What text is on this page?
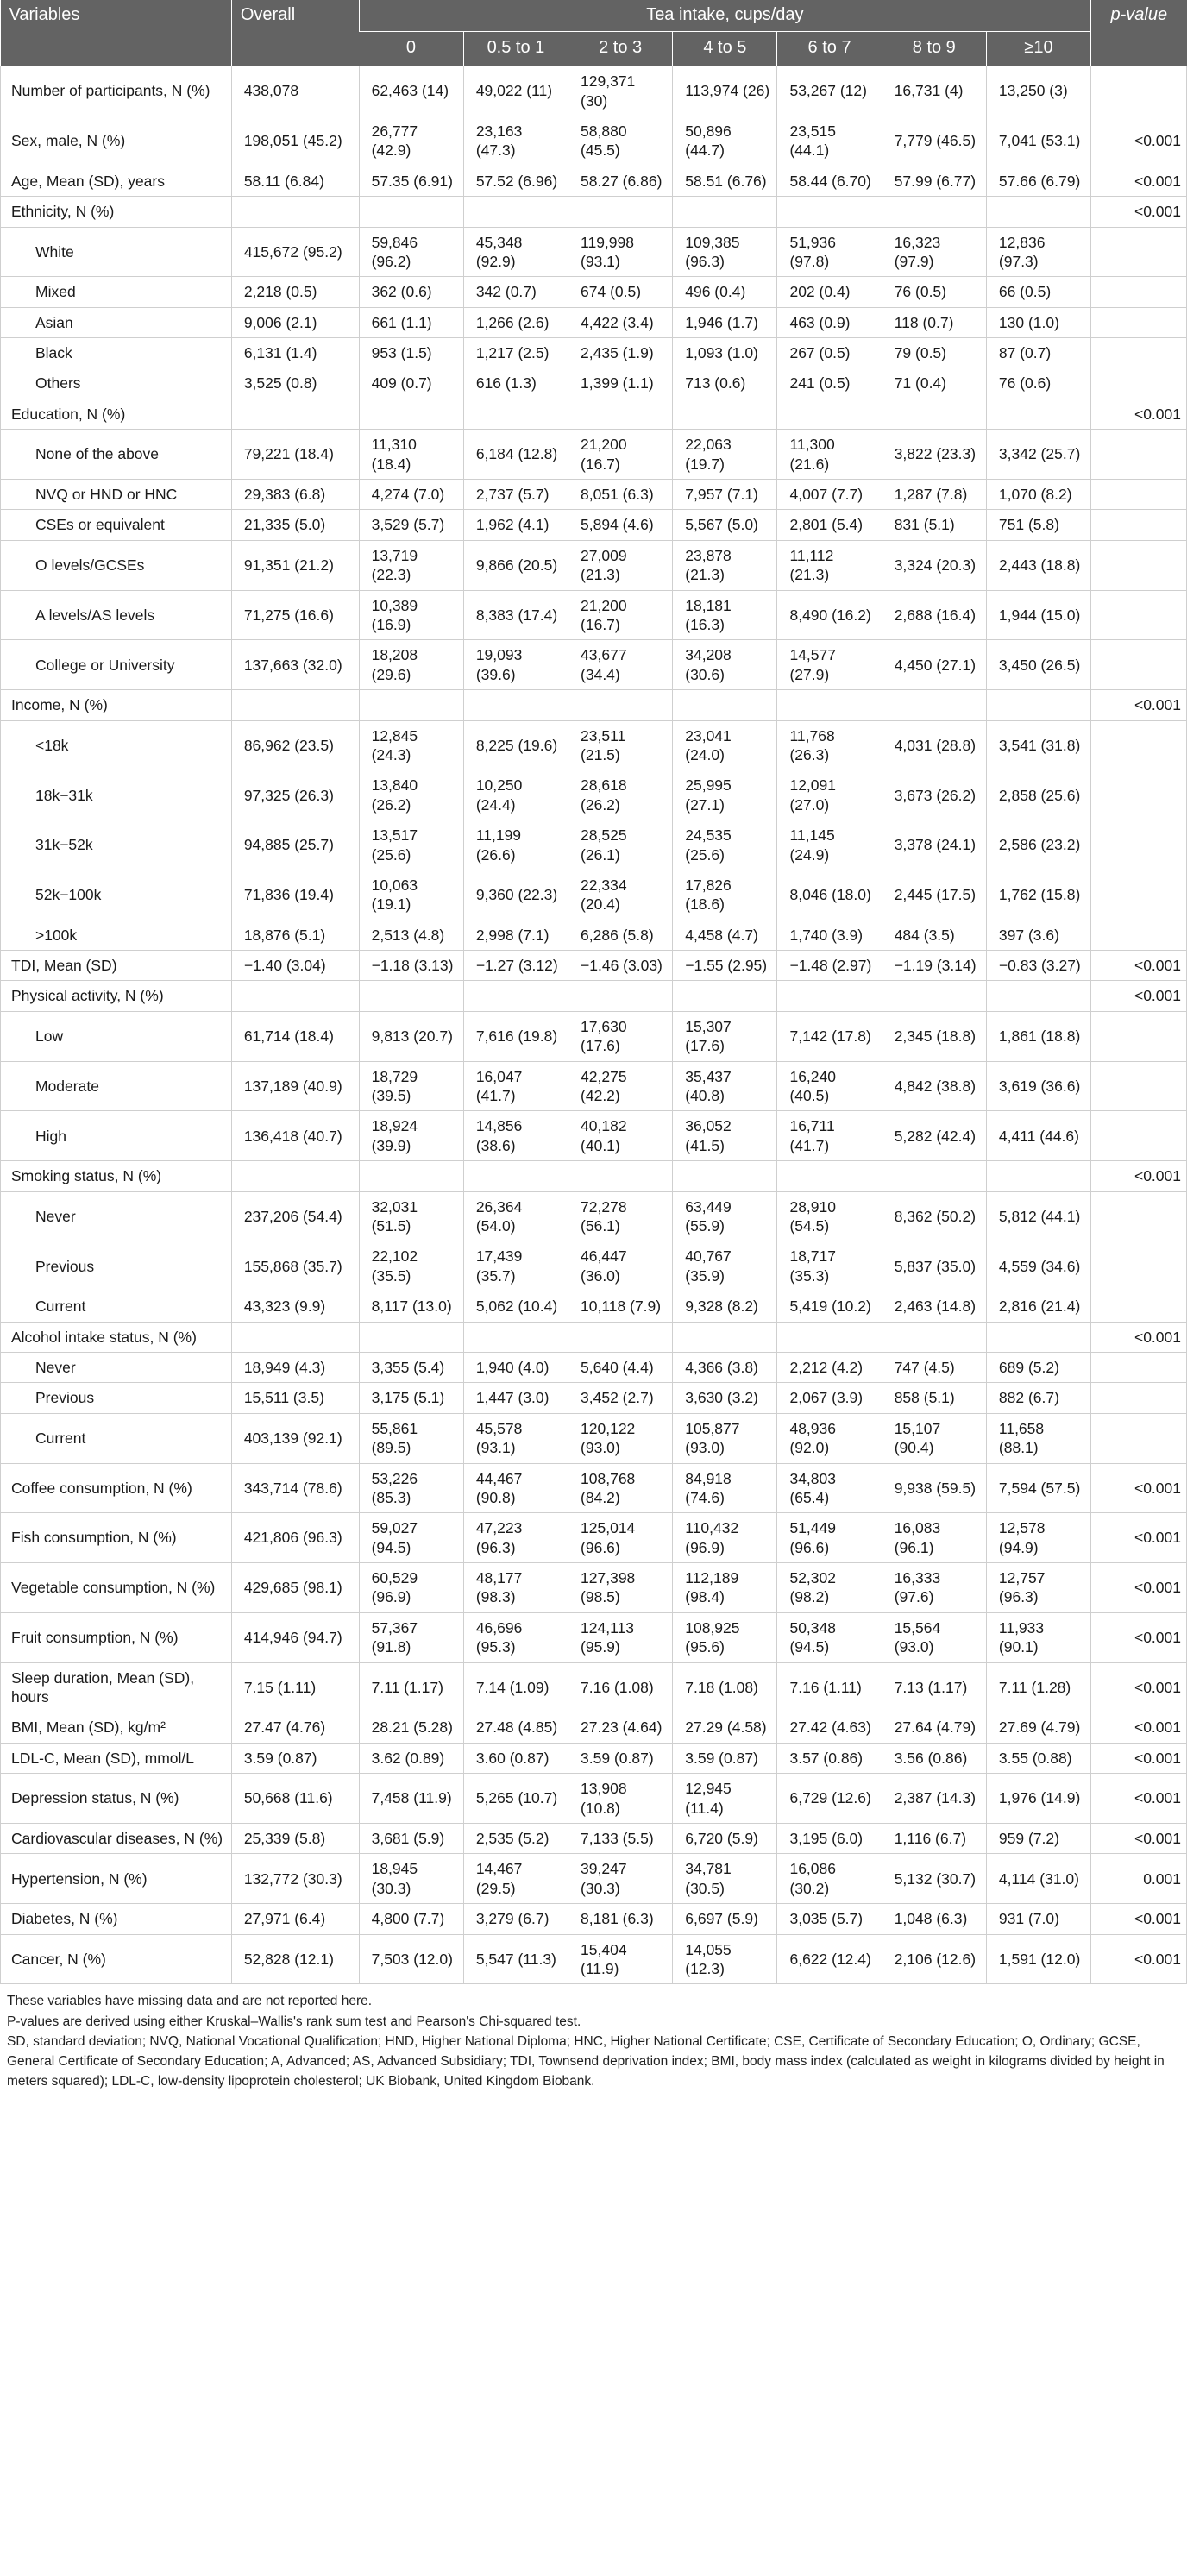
Variables	Overall	Tea intake, cups/day							p-value
		0	0.5 to 1	2 to 3	4 to 5	6 to 7	8 to 9	≥10	
Number of participants, N (%)	438,078	62,463 (14)	49,022 (11)	129,371 (30)	113,974 (26)	53,267 (12)	16,731 (4)	13,250 (3)	
Sex, male, N (%)	198,051 (45.2)	26,777 (42.9)	23,163 (47.3)	58,880 (45.5)	50,896 (44.7)	23,515 (44.1)	7,779 (46.5)	7,041 (53.1)	<0.001
Age, Mean (SD), years	58.11 (6.84)	57.35 (6.91)	57.52 (6.96)	58.27 (6.86)	58.51 (6.76)	58.44 (6.70)	57.99 (6.77)	57.66 (6.79)	<0.001
Ethnicity, N (%)									<0.001
White	415,672 (95.2)	59,846 (96.2)	45,348 (92.9)	119,998 (93.1)	109,385 (96.3)	51,936 (97.8)	16,323 (97.9)	12,836 (97.3)	
Mixed	2,218 (0.5)	362 (0.6)	342 (0.7)	674 (0.5)	496 (0.4)	202 (0.4)	76 (0.5)	66 (0.5)	
Asian	9,006 (2.1)	661 (1.1)	1,266 (2.6)	4,422 (3.4)	1,946 (1.7)	463 (0.9)	118 (0.7)	130 (1.0)	
Black	6,131 (1.4)	953 (1.5)	1,217 (2.5)	2,435 (1.9)	1,093 (1.0)	267 (0.5)	79 (0.5)	87 (0.7)	
Others	3,525 (0.8)	409 (0.7)	616 (1.3)	1,399 (1.1)	713 (0.6)	241 (0.5)	71 (0.4)	76 (0.6)	
Education, N (%)									<0.001
None of the above	79,221 (18.4)	11,310 (18.4)	6,184 (12.8)	21,200 (16.7)	22,063 (19.7)	11,300 (21.6)	3,822 (23.3)	3,342 (25.7)	
NVQ or HND or HNC	29,383 (6.8)	4,274 (7.0)	2,737 (5.7)	8,051 (6.3)	7,957 (7.1)	4,007 (7.7)	1,287 (7.8)	1,070 (8.2)	
CSEs or equivalent	21,335 (5.0)	3,529 (5.7)	1,962 (4.1)	5,894 (4.6)	5,567 (5.0)	2,801 (5.4)	831 (5.1)	751 (5.8)	
O levels/GCSEs	91,351 (21.2)	13,719 (22.3)	9,866 (20.5)	27,009 (21.3)	23,878 (21.3)	11,112 (21.3)	3,324 (20.3)	2,443 (18.8)	
A levels/AS levels	71,275 (16.6)	10,389 (16.9)	8,383 (17.4)	21,200 (16.7)	18,181 (16.3)	8,490 (16.2)	2,688 (16.4)	1,944 (15.0)	
College or University	137,663 (32.0)	18,208 (29.6)	19,093 (39.6)	43,677 (34.4)	34,208 (30.6)	14,577 (27.9)	4,450 (27.1)	3,450 (26.5)	
Income, N (%)									<0.001
<18k	86,962 (23.5)	12,845 (24.3)	8,225 (19.6)	23,511 (21.5)	23,041 (24.0)	11,768 (26.3)	4,031 (28.8)	3,541 (31.8)	
18k−31k	97,325 (26.3)	13,840 (26.2)	10,250 (24.4)	28,618 (26.2)	25,995 (27.1)	12,091 (27.0)	3,673 (26.2)	2,858 (25.6)	
31k−52k	94,885 (25.7)	13,517 (25.6)	11,199 (26.6)	28,525 (26.1)	24,535 (25.6)	11,145 (24.9)	3,378 (24.1)	2,586 (23.2)	
52k−100k	71,836 (19.4)	10,063 (19.1)	9,360 (22.3)	22,334 (20.4)	17,826 (18.6)	8,046 (18.0)	2,445 (17.5)	1,762 (15.8)	
>100k	18,876 (5.1)	2,513 (4.8)	2,998 (7.1)	6,286 (5.8)	4,458 (4.7)	1,740 (3.9)	484 (3.5)	397 (3.6)	
TDI, Mean (SD)	−1.40 (3.04)	−1.18 (3.13)	−1.27 (3.12)	−1.46 (3.03)	−1.55 (2.95)	−1.48 (2.97)	−1.19 (3.14)	−0.83 (3.27)	<0.001
Physical activity, N (%)									<0.001
Low	61,714 (18.4)	9,813 (20.7)	7,616 (19.8)	17,630 (17.6)	15,307 (17.6)	7,142 (17.8)	2,345 (18.8)	1,861 (18.8)	
Moderate	137,189 (40.9)	18,729 (39.5)	16,047 (41.7)	42,275 (42.2)	35,437 (40.8)	16,240 (40.5)	4,842 (38.8)	3,619 (36.6)	
High	136,418 (40.7)	18,924 (39.9)	14,856 (38.6)	40,182 (40.1)	36,052 (41.5)	16,711 (41.7)	5,282 (42.4)	4,411 (44.6)	
Smoking status, N (%)									<0.001
Never	237,206 (54.4)	32,031 (51.5)	26,364 (54.0)	72,278 (56.1)	63,449 (55.9)	28,910 (54.5)	8,362 (50.2)	5,812 (44.1)	
Previous	155,868 (35.7)	22,102 (35.5)	17,439 (35.7)	46,447 (36.0)	40,767 (35.9)	18,717 (35.3)	5,837 (35.0)	4,559 (34.6)	
Current	43,323 (9.9)	8,117 (13.0)	5,062 (10.4)	10,118 (7.9)	9,328 (8.2)	5,419 (10.2)	2,463 (14.8)	2,816 (21.4)	
Alcohol intake status, N (%)									<0.001
Never	18,949 (4.3)	3,355 (5.4)	1,940 (4.0)	5,640 (4.4)	4,366 (3.8)	2,212 (4.2)	747 (4.5)	689 (5.2)	
Previous	15,511 (3.5)	3,175 (5.1)	1,447 (3.0)	3,452 (2.7)	3,630 (3.2)	2,067 (3.9)	858 (5.1)	882 (6.7)	
Current	403,139 (92.1)	55,861 (89.5)	45,578 (93.1)	120,122 (93.0)	105,877 (93.0)	48,936 (92.0)	15,107 (90.4)	11,658 (88.1)	
Coffee consumption, N (%)	343,714 (78.6)	53,226 (85.3)	44,467 (90.8)	108,768 (84.2)	84,918 (74.6)	34,803 (65.4)	9,938 (59.5)	7,594 (57.5)	<0.001
Fish consumption, N (%)	421,806 (96.3)	59,027 (94.5)	47,223 (96.3)	125,014 (96.6)	110,432 (96.9)	51,449 (96.6)	16,083 (96.1)	12,578 (94.9)	<0.001
Vegetable consumption, N (%)	429,685 (98.1)	60,529 (96.9)	48,177 (98.3)	127,398 (98.5)	112,189 (98.4)	52,302 (98.2)	16,333 (97.6)	12,757 (96.3)	<0.001
Fruit consumption, N (%)	414,946 (94.7)	57,367 (91.8)	46,696 (95.3)	124,113 (95.9)	108,925 (95.6)	50,348 (94.5)	15,564 (93.0)	11,933 (90.1)	<0.001
Sleep duration, Mean (SD), hours	7.15 (1.11)	7.11 (1.17)	7.14 (1.09)	7.16 (1.08)	7.18 (1.08)	7.16 (1.11)	7.13 (1.17)	7.11 (1.28)	<0.001
BMI, Mean (SD), kg/m²	27.47 (4.76)	28.21 (5.28)	27.48 (4.85)	27.23 (4.64)	27.29 (4.58)	27.42 (4.63)	27.64 (4.79)	27.69 (4.79)	<0.001
LDL-C, Mean (SD), mmol/L	3.59 (0.87)	3.62 (0.89)	3.60 (0.87)	3.59 (0.87)	3.59 (0.87)	3.57 (0.86)	3.56 (0.86)	3.55 (0.88)	<0.001
Depression status, N (%)	50,668 (11.6)	7,458 (11.9)	5,265 (10.7)	13,908 (10.8)	12,945 (11.4)	6,729 (12.6)	2,387 (14.3)	1,976 (14.9)	<0.001
Cardiovascular diseases, N (%)	25,339 (5.8)	3,681 (5.9)	2,535 (5.2)	7,133 (5.5)	6,720 (5.9)	3,195 (6.0)	1,116 (6.7)	959 (7.2)	<0.001
Hypertension, N (%)	132,772 (30.3)	18,945 (30.3)	14,467 (29.5)	39,247 (30.3)	34,781 (30.5)	16,086 (30.2)	5,132 (30.7)	4,114 (31.0)	0.001
Diabetes, N (%)	27,971 (6.4)	4,800 (7.7)	3,279 (6.7)	8,181 (6.3)	6,697 (5.9)	3,035 (5.7)	1,048 (6.3)	931 (7.0)	<0.001
Cancer, N (%)	52,828 (12.1)	7,503 (12.0)	5,547 (11.3)	15,404 (11.9)	14,055 (12.3)	6,622 (12.4)	2,106 (12.6)	1,591 (12.0)	<0.001

These variables have missing data and are not reported here.

P-values are derived using either Kruskal–Wallis's rank sum test and Pearson's Chi-squared test.

SD, standard deviation; NVQ, National Vocational Qualification; HND, Higher National Diploma; HNC, Higher National Certificate; CSE, Certificate of Secondary Education; O, Ordinary; GCSE, General Certificate of Secondary Education; A, Advanced; AS, Advanced Subsidiary; TDI, Townsend deprivation index; BMI, body mass index (calculated as weight in kilograms divided by height in meters squared); LDL-C, low-density lipoprotein cholesterol; UK Biobank, United Kingdom Biobank.
